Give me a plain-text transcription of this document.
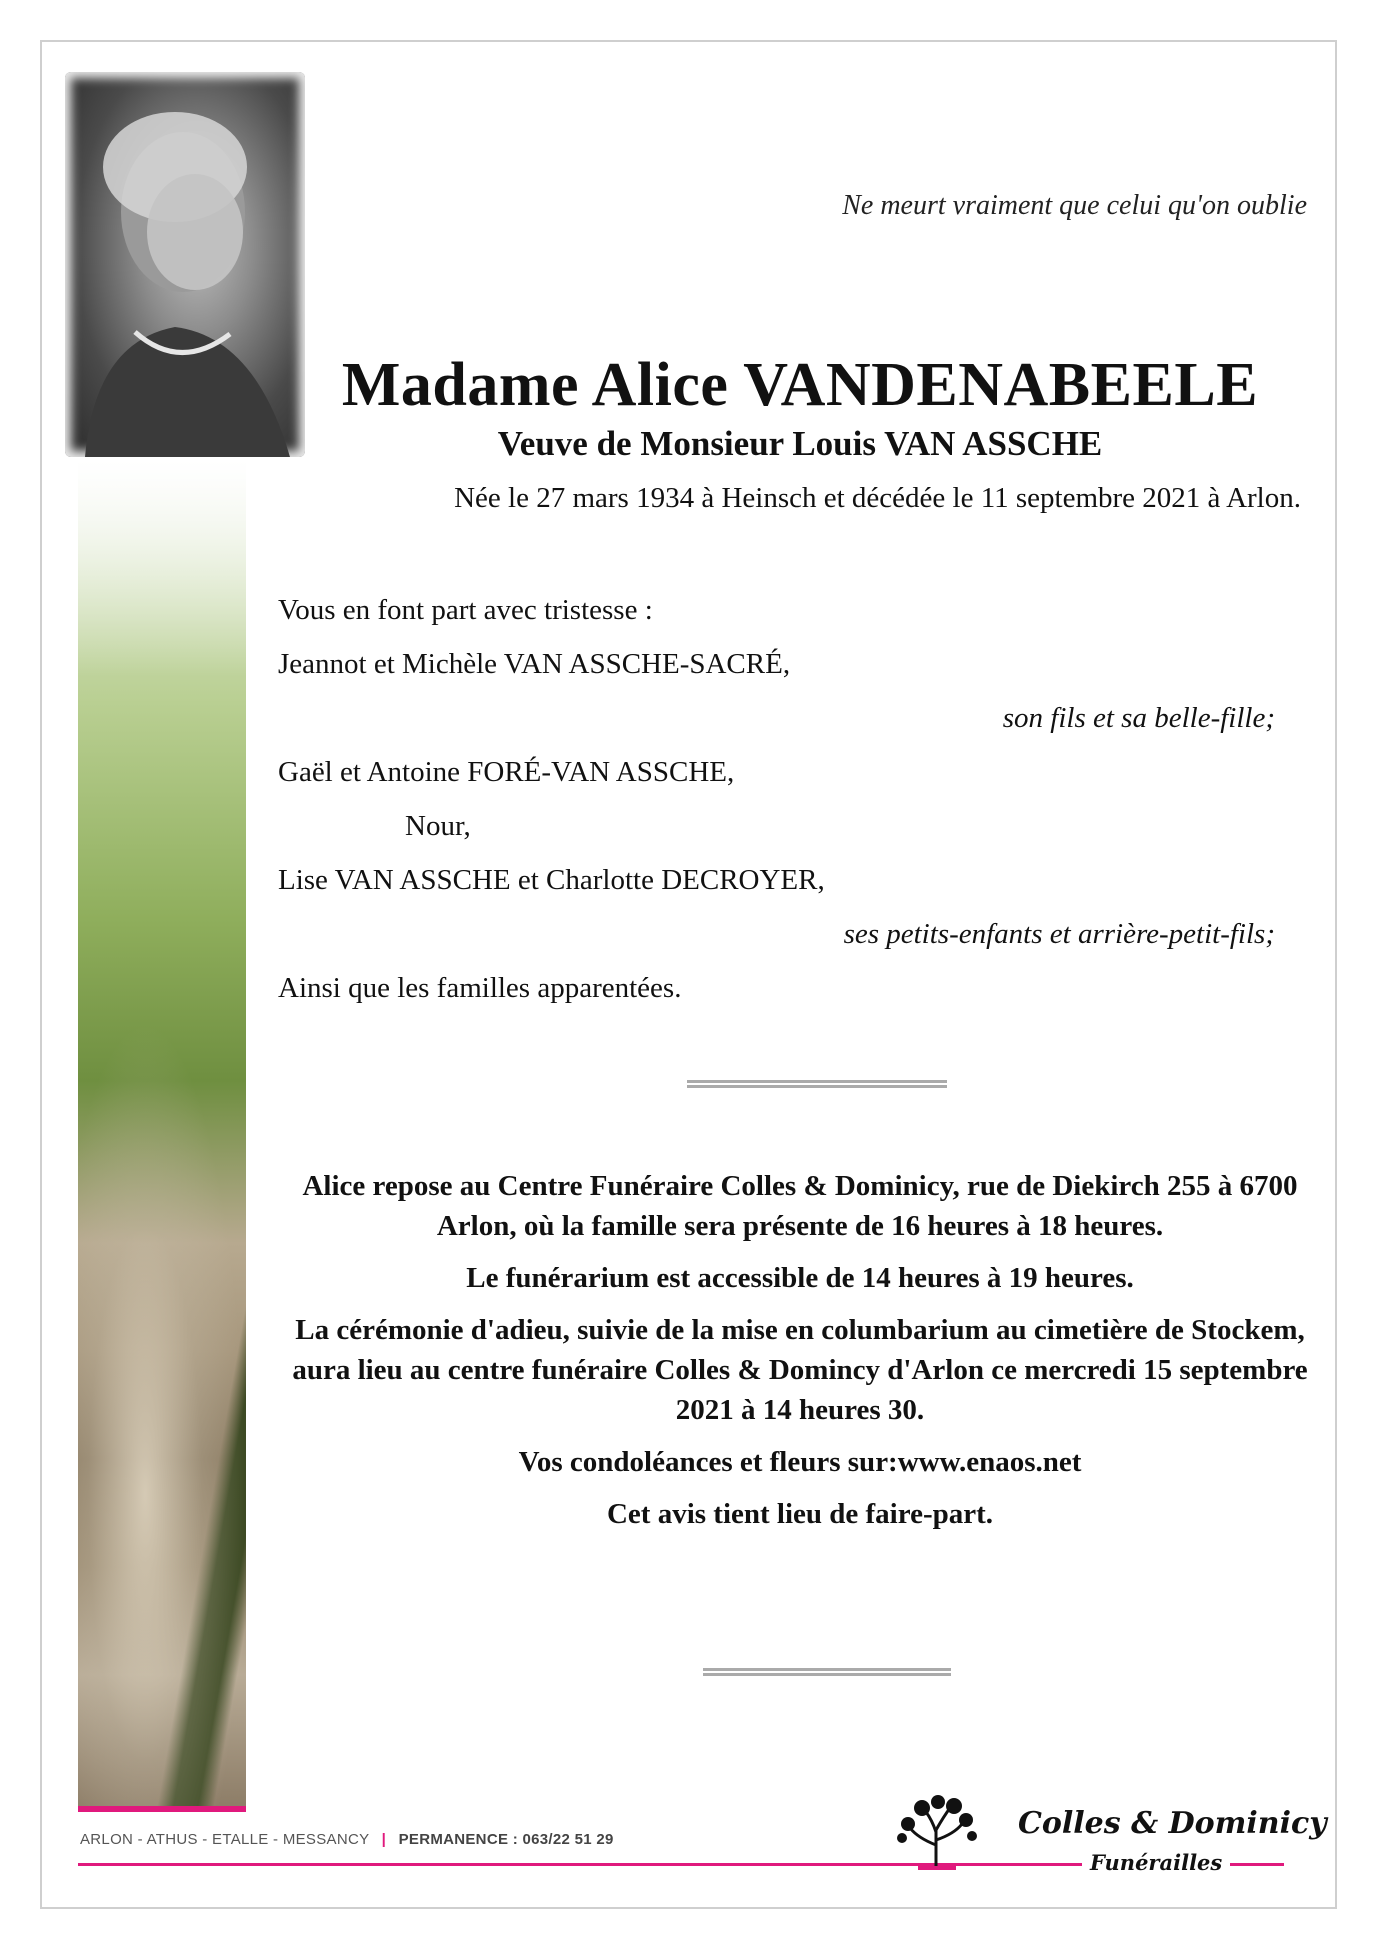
Ne meurt vraiment que celui qu'on oublie
Madame Alice VANDENABEELE
Veuve de Monsieur Louis VAN ASSCHE
Née le 27 mars 1934 à Heinsch et décédée le 11 septembre 2021 à Arlon.
Vous en font part avec tristesse :
Jeannot et Michèle VAN ASSCHE-SACRÉ,
son fils et sa belle-fille;
Gaël et Antoine FORÉ-VAN ASSCHE,
Nour,
Lise VAN ASSCHE et Charlotte DECROYER,
ses petits-enfants et arrière-petit-fils;
Ainsi que les familles apparentées.

Alice repose au Centre Funéraire Colles & Dominicy, rue de Diekirch 255 à 6700 Arlon, où la famille sera présente de 16 heures à 18 heures.

Le funérarium est accessible de 14 heures à 19 heures.

La cérémonie d'adieu, suivie de la mise en columbarium au cimetière de Stockem, aura lieu au centre funéraire Colles & Domincy d'Arlon ce mercredi 15 septembre 2021 à 14 heures 30.

Vos condoléances et fleurs sur:www.enaos.net

Cet avis tient lieu de faire-part.

ARLON - ATHUS - ETALLE - MESSANCY | PERMANENCE : 063/22 51 29	Colles & Dominicy
Funérailles
